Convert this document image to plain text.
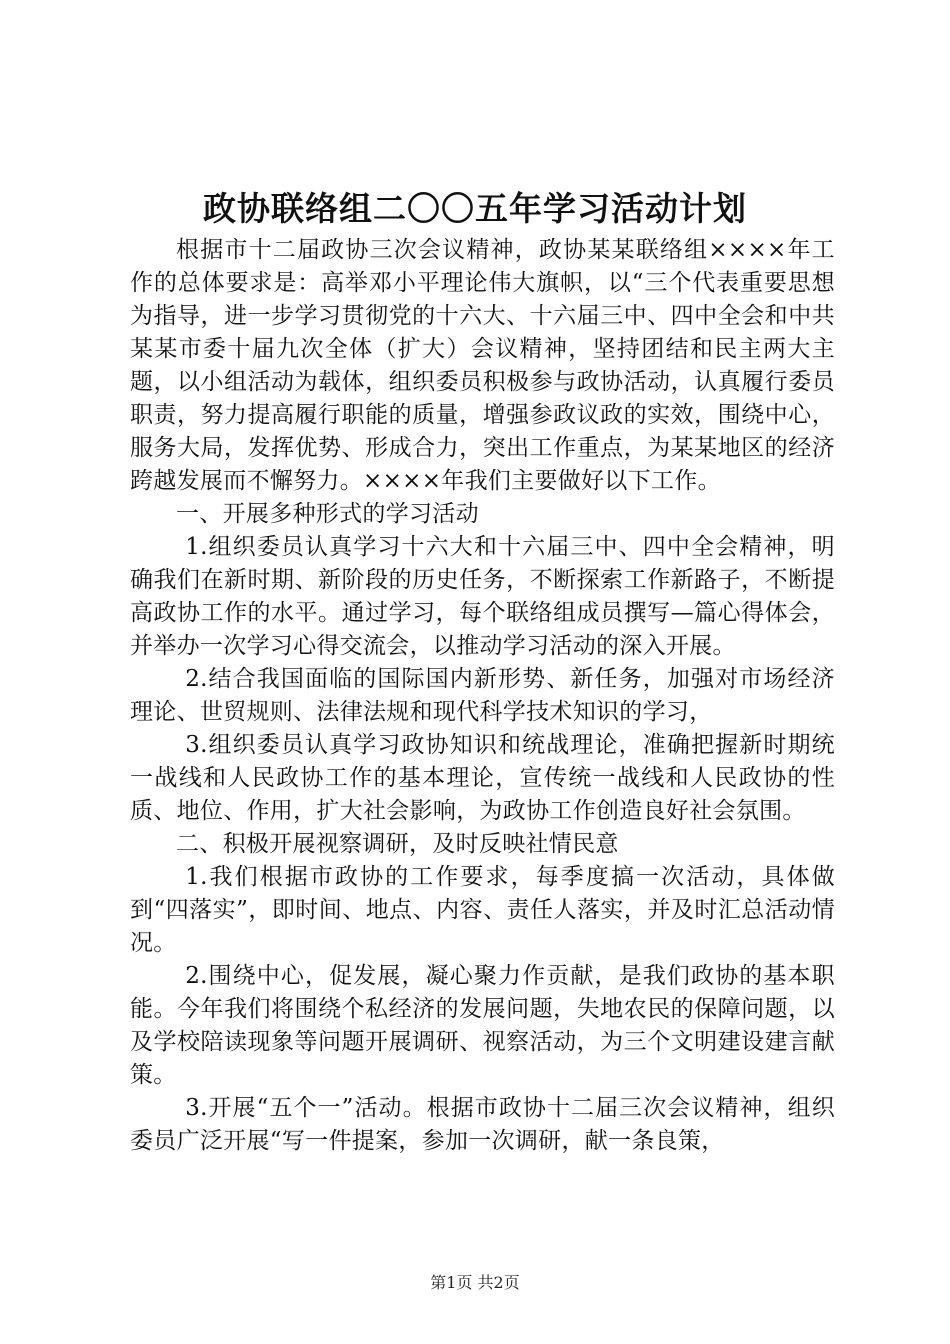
政协联络组二〇〇五年学习活动计划

根据市十二届政协三次会议精神，政协某某联络组××××年工作的总体要求是：高举邓小平理论伟大旗帜，以“三个代表重要思想为指导，进一步学习贯彻党的十六大、十六届三中、四中全会和中共某某市委十届九次全体（扩大）会议精神，坚持团结和民主两大主题，以小组活动为载体，组织委员积极参与政协活动，认真履行委员职责，努力提高履行职能的质量，增强参政议政的实效，围绕中心，服务大局，发挥优势、形成合力，突出工作重点，为某某地区的经济跨越发展而不懈努力。××××年我们主要做好以下工作。

一、开展多种形式的学习活动

1.组织委员认真学习十六大和十六届三中、四中全会精神，明确我们在新时期、新阶段的历史任务，不断探索工作新路子，不断提高政协工作的水平。通过学习，每个联络组成员撰写—篇心得体会，并举办一次学习心得交流会，以推动学习活动的深入开展。

2.结合我国面临的国际国内新形势、新任务，加强对市场经济理论、世贸规则、法律法规和现代科学技术知识的学习，

3.组织委员认真学习政协知识和统战理论，准确把握新时期统一战线和人民政协工作的基本理论，宣传统一战线和人民政协的性质、地位、作用，扩大社会影响，为政协工作创造良好社会氛围。

二、积极开展视察调研，及时反映社情民意

1.我们根据市政协的工作要求，每季度搞一次活动，具体做到“四落实”，即时间、地点、内容、责任人落实，并及时汇总活动情况。

2.围绕中心，促发展，凝心聚力作贡献，是我们政协的基本职能。今年我们将围绕个私经济的发展问题，失地农民的保障问题，以及学校陪读现象等问题开展调研、视察活动，为三个文明建设建言献策。

3.开展“五个一”活动。根据市政协十二届三次会议精神，组织委员广泛开展“写一件提案，参加一次调研，献一条良策，

第1页 共2页
